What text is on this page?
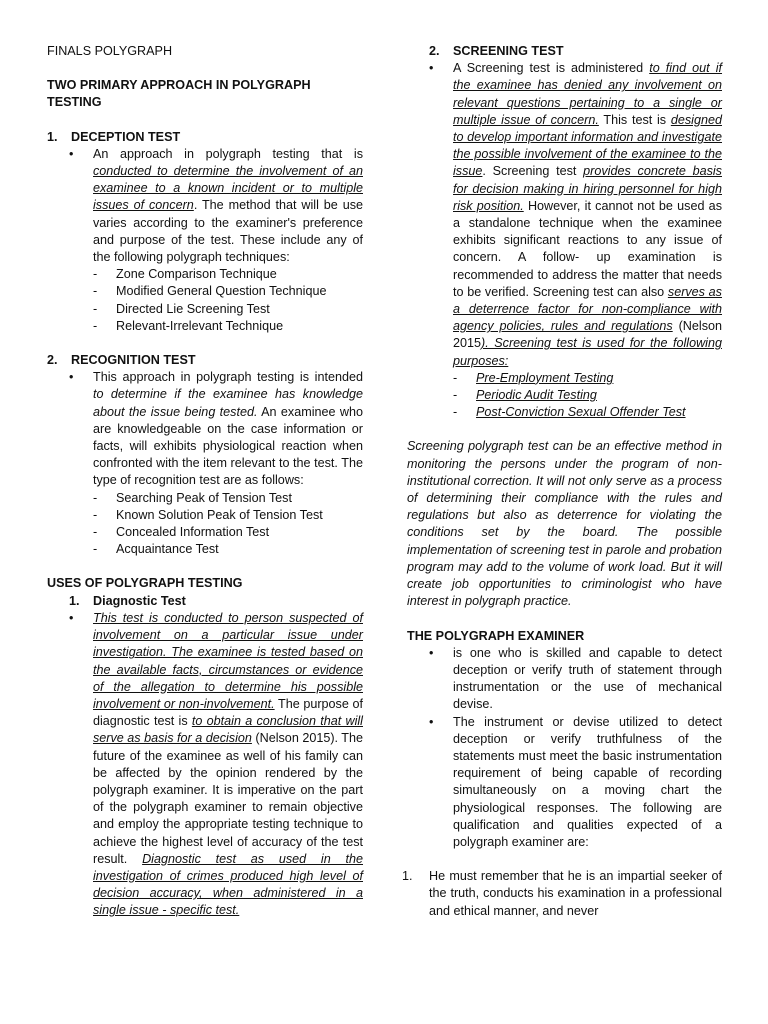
FINALS POLYGRAPH
TWO PRIMARY APPROACH IN POLYGRAPH TESTING
1. DECEPTION TEST
• An approach in polygraph testing that is conducted to determine the involvement of an examinee to a known incident or to multiple issues of concern. The method that will be use varies according to the examiner's preference and purpose of the test. These include any of the following polygraph techniques:
- Zone Comparison Technique
- Modified General Question Technique
- Directed Lie Screening Test
- Relevant-Irrelevant Technique
2. RECOGNITION TEST
• This approach in polygraph testing is intended to determine if the examinee has knowledge about the issue being tested. An examinee who are knowledgeable on the case information or facts, will exhibits physiological reaction when confronted with the item relevant to the test. The type of recognition test are as follows:
- Searching Peak of Tension Test
- Known Solution Peak of Tension Test
- Concealed Information Test
- Acquaintance Test
USES OF POLYGRAPH TESTING
1. Diagnostic Test
• This test is conducted to person suspected of involvement on a particular issue under investigation. The examinee is tested based on the available facts, circumstances or evidence of the allegation to determine his possible involvement or non-involvement. The purpose of diagnostic test is to obtain a conclusion that will serve as basis for a decision (Nelson 2015). The future of the examinee as well of his family can be affected by the opinion rendered by the polygraph examiner. It is imperative on the part of the polygraph examiner to remain objective and employ the appropriate testing technique to achieve the highest level of accuracy of the test result. Diagnostic test as used in the investigation of crimes produced high level of decision accuracy, when administered in a single issue - specific test.
2. SCREENING TEST
• A Screening test is administered to find out if the examinee has denied any involvement on relevant questions pertaining to a single or multiple issue of concern. This test is designed to develop important information and investigate the possible involvement of the examinee to the issue. Screening test provides concrete basis for decision making in hiring personnel for high risk position. However, it cannot not be used as a standalone technique when the examinee exhibits significant reactions to any issue of concern. A follow- up examination is recommended to address the matter that needs to be verified. Screening test can also serves as a deterrence factor for non-compliance with agency policies, rules and regulations (Nelson 2015). Screening test is used for the following purposes:
- Pre-Employment Testing
- Periodic Audit Testing
- Post-Conviction Sexual Offender Test
Screening polygraph test can be an effective method in monitoring the persons under the program of non-institutional correction. It will not only serve as a process of determining their compliance with the rules and regulations but also as deterrence for violating the conditions set by the board. The possible implementation of screening test in parole and probation program may add to the volume of work load. But it will create job opportunities to criminologist who have interest in polygraph practice.
THE POLYGRAPH EXAMINER
• is one who is skilled and capable to detect deception or verify truth of statement through instrumentation or the use of mechanical devise.
• The instrument or devise utilized to detect deception or verify truthfulness of the statements must meet the basic instrumentation requirement of being capable of recording simultaneously on a moving chart the physiological responses. The following are qualification and qualities expected of a polygraph examiner are:
1. He must remember that he is an impartial seeker of the truth, conducts his examination in a professional and ethical manner, and never
